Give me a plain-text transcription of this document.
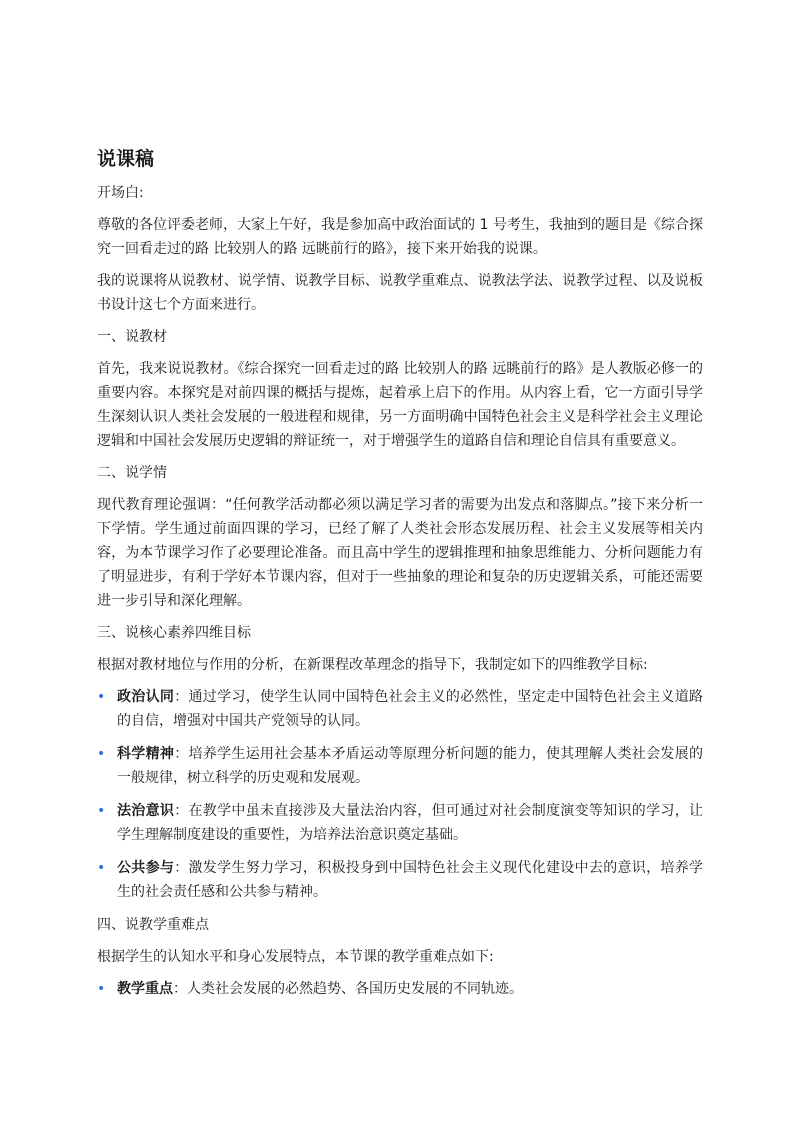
说课稿
开场白:
尊敬的各位评委老师，大家上午好，我是参加高中政治面试的 1 号考生，我抽到的题目是《综合探究一回看走过的路 比较别人的路 远眺前行的路》，接下来开始我的说课。
我的说课将从说教材、说学情、说教学目标、说教学重难点、说教法学法、说教学过程、以及说板书设计这七个方面来进行。
一、说教材
首先，我来说说教材。《综合探究一回看走过的路 比较别人的路 远眺前行的路》是人教版必修一的重要内容。本探究是对前四课的概括与提炼，起着承上启下的作用。从内容上看，它一方面引导学生深刻认识人类社会发展的一般进程和规律，另一方面明确中国特色社会主义是科学社会主义理论逻辑和中国社会发展历史逻辑的辩证统一，对于增强学生的道路自信和理论自信具有重要意义。
二、说学情
现代教育理论强调：“任何教学活动都必须以满足学习者的需要为出发点和落脚点。”接下来分析一下学情。学生通过前面四课的学习，已经了解了人类社会形态发展历程、社会主义发展等相关内容，为本节课学习作了必要理论准备。而且高中学生的逻辑推理和抽象思维能力、分析问题能力有了明显进步，有利于学好本节课内容，但对于一些抽象的理论和复杂的历史逻辑关系，可能还需要进一步引导和深化理解。
三、说核心素养四维目标
根据对教材地位与作用的分析，在新课程改革理念的指导下，我制定如下的四维教学目标:
• 政治认同：通过学习，使学生认同中国特色社会主义的必然性，坚定走中国特色社会主义道路的自信，增强对中国共产党领导的认同。
• 科学精神：培养学生运用社会基本矛盾运动等原理分析问题的能力，使其理解人类社会发展的一般规律，树立科学的历史观和发展观。
• 法治意识：在教学中虽未直接涉及大量法治内容，但可通过对社会制度演变等知识的学习，让学生理解制度建设的重要性，为培养法治意识奠定基础。
• 公共参与：激发学生努力学习，积极投身到中国特色社会主义现代化建设中去的意识，培养学生的社会责任感和公共参与精神。
四、说教学重难点
根据学生的认知水平和身心发展特点，本节课的教学重难点如下:
• 教学重点：人类社会发展的必然趋势、各国历史发展的不同轨迹。
